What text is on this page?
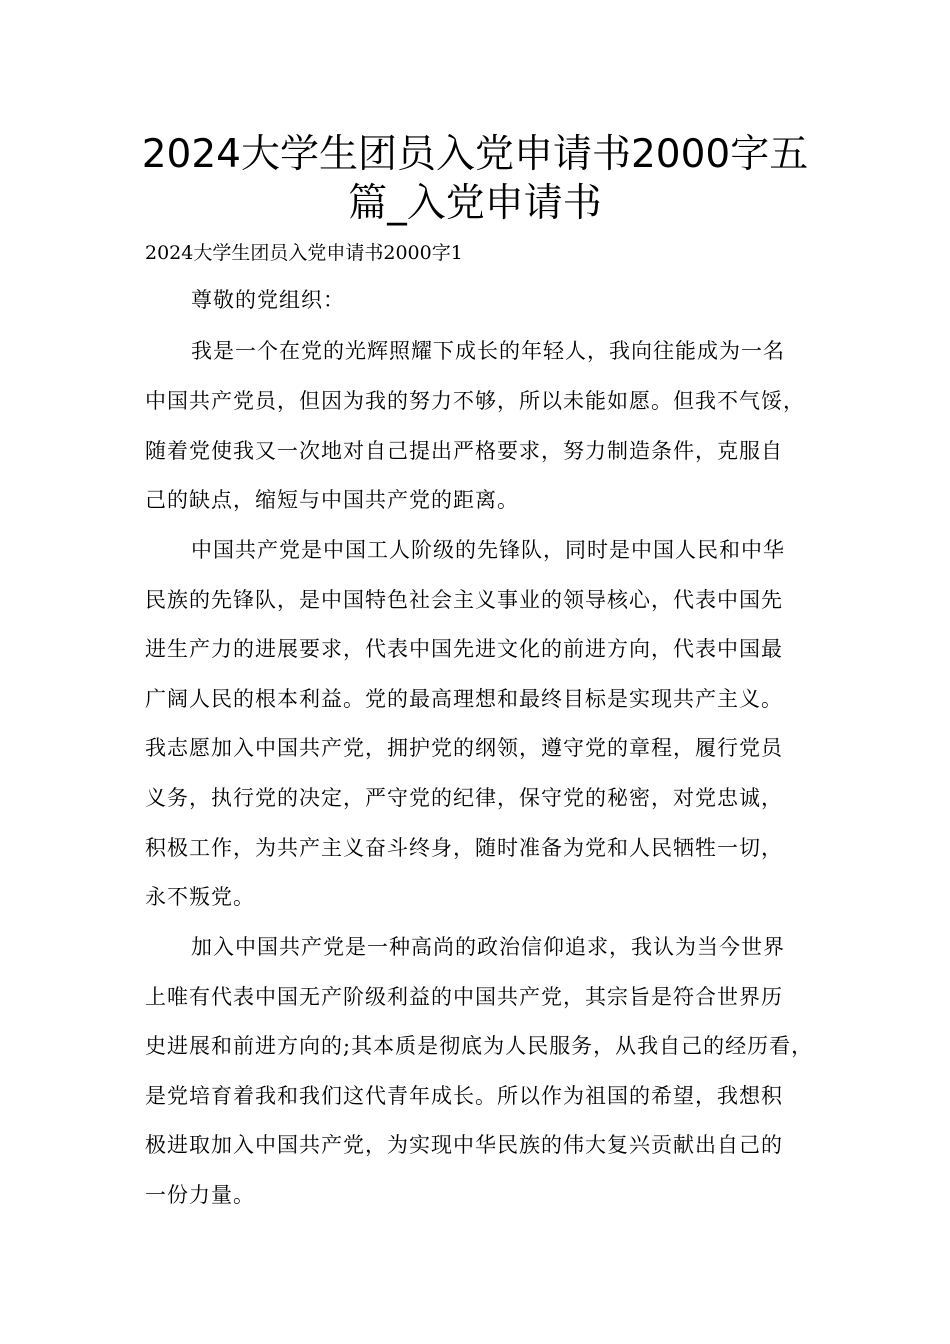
2024大学生团员入党申请书2000字五
篇_入党申请书
2024大学生团员入党申请书2000字1
尊敬的党组织：
我是一个在党的光辉照耀下成长的年轻人，我向往能成为一名
中国共产党员，但因为我的努力不够，所以未能如愿。但我不气馁，
随着党使我又一次地对自己提出严格要求，努力制造条件，克服自
己的缺点，缩短与中国共产党的距离。
中国共产党是中国工人阶级的先锋队，同时是中国人民和中华
民族的先锋队，是中国特色社会主义事业的领导核心，代表中国先
进生产力的进展要求，代表中国先进文化的前进方向，代表中国最
广阔人民的根本利益。党的最高理想和最终目标是实现共产主义。
我志愿加入中国共产党，拥护党的纲领，遵守党的章程，履行党员
义务，执行党的决定，严守党的纪律，保守党的秘密，对党忠诚，
积极工作，为共产主义奋斗终身，随时准备为党和人民牺牲一切，
永不叛党。
加入中国共产党是一种高尚的政治信仰追求，我认为当今世界
上唯有代表中国无产阶级利益的中国共产党，其宗旨是符合世界历
史进展和前进方向的;其本质是彻底为人民服务，从我自己的经历看，
是党培育着我和我们这代青年成长。所以作为祖国的希望，我想积
极进取加入中国共产党，为实现中华民族的伟大复兴贡献出自己的
一份力量。
